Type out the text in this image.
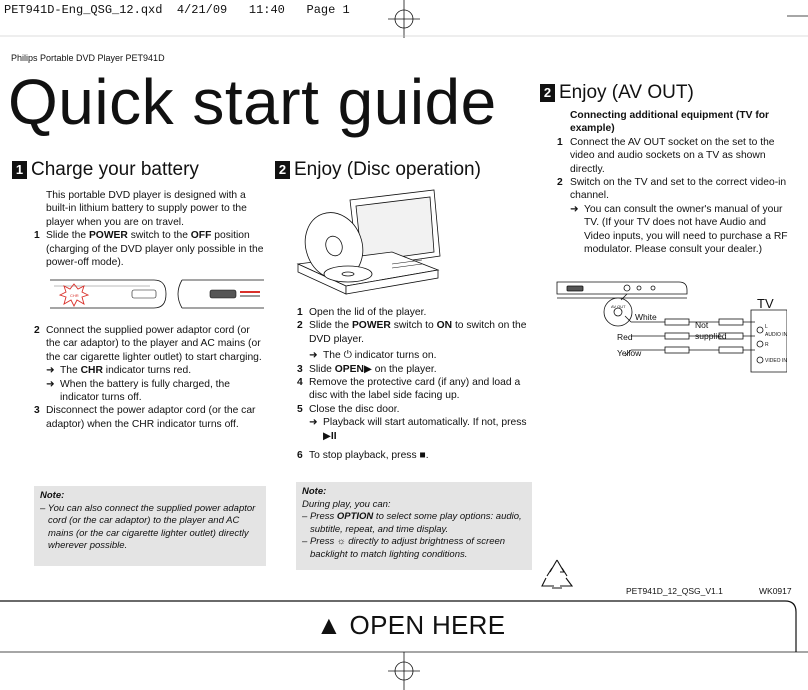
PET941D-Eng_QSG_12.qxd 4/21/09 11:40 Page 1
Philips Portable DVD Player PET941D
Quick start guide
1 Charge your battery
This portable DVD player is designed with a built-in lithium battery to supply power to the player when you are on travel.
1 Slide the POWER switch to the OFF position (charging of the DVD player only possible in the power-off mode).
CHR
2 Connect the supplied power adaptor cord (or the car adaptor) to the player and AC mains (or the car cigarette lighter outlet) to start charging.
➜ The CHR indicator turns red.
➜ When the battery is fully charged, the indicator turns off.
3 Disconnect the power adaptor cord (or the car adaptor) when the CHR indicator turns off.
Note:
– You can also connect the supplied power adaptor cord (or the car adaptor) to the player and AC mains (or the car cigarette lighter outlet) directly wherever possible.
2 Enjoy (Disc operation)
1 Open the lid of the player.
2 Slide the POWER switch to ON to switch on the DVD player.
➜ The ⏻ indicator turns on.
3 Slide OPEN▶ on the player.
4 Remove the protective card (if any) and load a disc with the label side facing up.
5 Close the disc door.
➜ Playback will start automatically. If not, press
▶II
6 To stop playback, press ■.
Note:
During play, you can:
– Press OPTION to select some play options: audio, subtitle, repeat, and time display.
– Press ☼ directly to adjust brightness of screen backlight to match lighting conditions.
2 Enjoy (AV OUT)
Connecting additional equipment (TV for example)
1 Connect the AV OUT socket on the set to the video and audio sockets on a TV as shown directly.
2 Switch on the TV and set to the correct video-in channel.
➜ You can consult the owner's manual of your TV. (If your TV does not have Audio and Video inputs, you will need to purchase a RF modulator. Please consult your dealer.)
AV OUT
White
Red
Yellow
Not
supplied
TV
L
AUDIO IN
R
VIDEO IN
PET941D_12_QSG_V1.1	WK0917
▲ OPEN HERE
